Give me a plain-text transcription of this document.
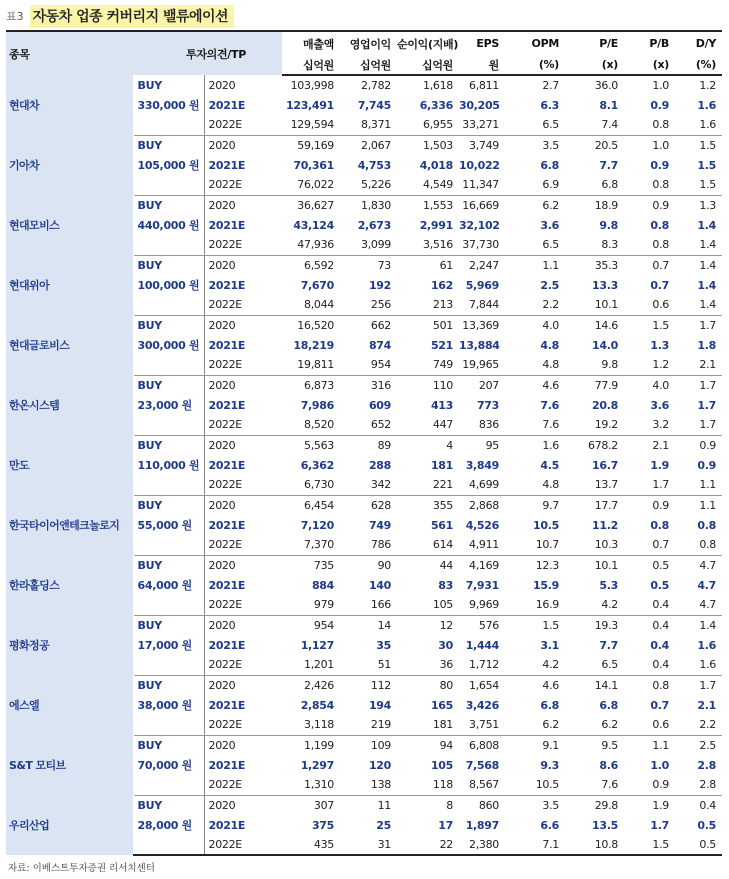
표3 자동차 업종 커버리지 밸류에이션
종목	투자의견/TP		매출액	영업이익	순이익(지배)	EPS	OPM	P/E	P/B	D/Y
			십억원	십억원	십억원	원	(%)	(x)	(x)	(%)
현대차	BUY	2020	103,998	2,782	1,618	6,811	2.7	36.0	1.0	1.2
	330,000 원	2021E	123,491	7,745	6,336	30,205	6.3	8.1	0.9	1.6
		2022E	129,594	8,371	6,955	33,271	6.5	7.4	0.8	1.6
기아차	BUY	2020	59,169	2,067	1,503	3,749	3.5	20.5	1.0	1.5
	105,000 원	2021E	70,361	4,753	4,018	10,022	6.8	7.7	0.9	1.5
		2022E	76,022	5,226	4,549	11,347	6.9	6.8	0.8	1.5
현대모비스	BUY	2020	36,627	1,830	1,553	16,669	6.2	18.9	0.9	1.3
	440,000 원	2021E	43,124	2,673	2,991	32,102	3.6	9.8	0.8	1.4
		2022E	47,936	3,099	3,516	37,730	6.5	8.3	0.8	1.4
현대위아	BUY	2020	6,592	73	61	2,247	1.1	35.3	0.7	1.4
	100,000 원	2021E	7,670	192	162	5,969	2.5	13.3	0.7	1.4
		2022E	8,044	256	213	7,844	2.2	10.1	0.6	1.4
현대글로비스	BUY	2020	16,520	662	501	13,369	4.0	14.6	1.5	1.7
	300,000 원	2021E	18,219	874	521	13,884	4.8	14.0	1.3	1.8
		2022E	19,811	954	749	19,965	4.8	9.8	1.2	2.1
한온시스템	BUY	2020	6,873	316	110	207	4.6	77.9	4.0	1.7
	23,000 원	2021E	7,986	609	413	773	7.6	20.8	3.6	1.7
		2022E	8,520	652	447	836	7.6	19.2	3.2	1.7
만도	BUY	2020	5,563	89	4	95	1.6	678.2	2.1	0.9
	110,000 원	2021E	6,362	288	181	3,849	4.5	16.7	1.9	0.9
		2022E	6,730	342	221	4,699	4.8	13.7	1.7	1.1
한국타이어앤테크놀로지	BUY	2020	6,454	628	355	2,868	9.7	17.7	0.9	1.1
	55,000 원	2021E	7,120	749	561	4,526	10.5	11.2	0.8	0.8
		2022E	7,370	786	614	4,911	10.7	10.3	0.7	0.8
한라홀딩스	BUY	2020	735	90	44	4,169	12.3	10.1	0.5	4.7
	64,000 원	2021E	884	140	83	7,931	15.9	5.3	0.5	4.7
		2022E	979	166	105	9,969	16.9	4.2	0.4	4.7
평화정공	BUY	2020	954	14	12	576	1.5	19.3	0.4	1.4
	17,000 원	2021E	1,127	35	30	1,444	3.1	7.7	0.4	1.6
		2022E	1,201	51	36	1,712	4.2	6.5	0.4	1.6
에스엘	BUY	2020	2,426	112	80	1,654	4.6	14.1	0.8	1.7
	38,000 원	2021E	2,854	194	165	3,426	6.8	6.8	0.7	2.1
		2022E	3,118	219	181	3,751	6.2	6.2	0.6	2.2
S&T 모티브	BUY	2020	1,199	109	94	6,808	9.1	9.5	1.1	2.5
	70,000 원	2021E	1,297	120	105	7,568	9.3	8.6	1.0	2.8
		2022E	1,310	138	118	8,567	10.5	7.6	0.9	2.8
우리산업	BUY	2020	307	11	8	860	3.5	29.8	1.9	0.4
	28,000 원	2021E	375	25	17	1,897	6.6	13.5	1.7	0.5
		2022E	435	31	22	2,380	7.1	10.8	1.5	0.5
자료: 이베스트투자증권 리서치센터
